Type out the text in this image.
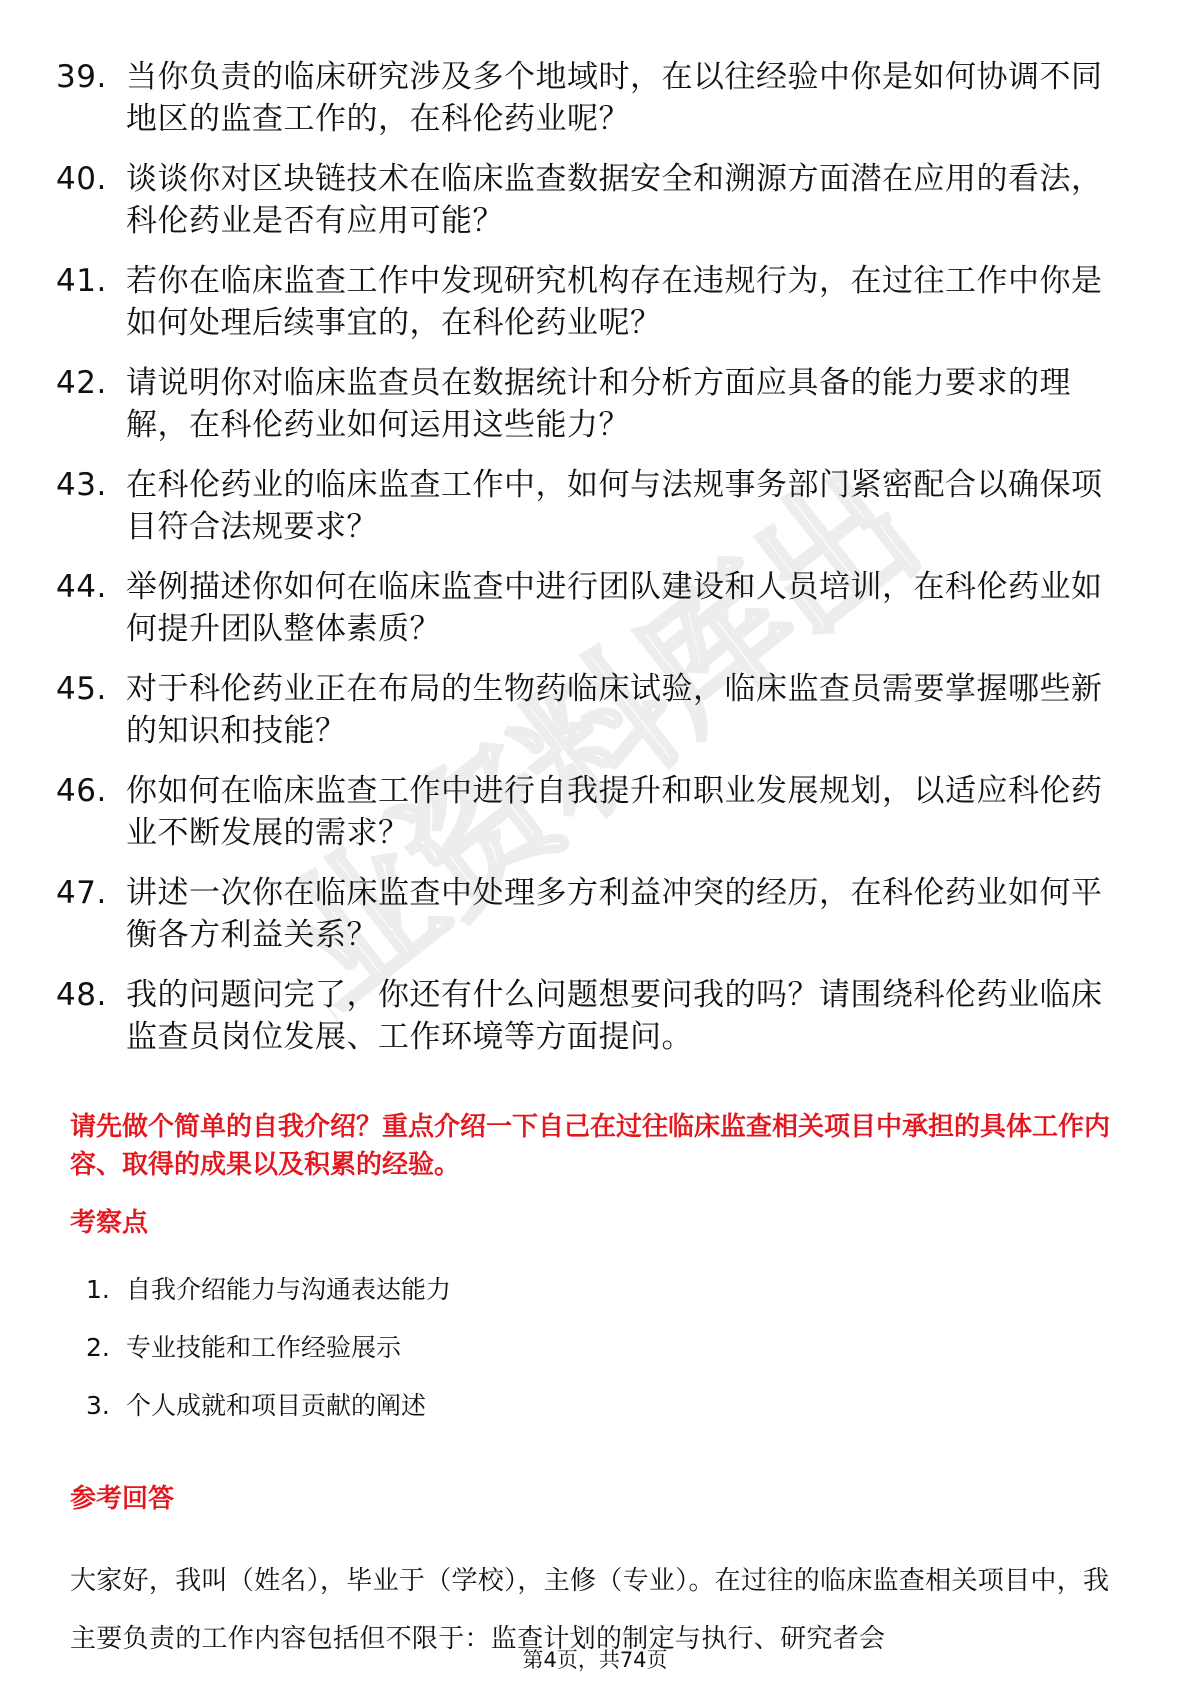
职业资料库出品
39. 当你负责的临床研究涉及多个地域时，在以往经验中你是如何协调不同地区的监查工作的，在科伦药业呢？
40. 谈谈你对区块链技术在临床监查数据安全和溯源方面潜在应用的看法，科伦药业是否有应用可能？
41. 若你在临床监查工作中发现研究机构存在违规行为，在过往工作中你是如何处理后续事宜的，在科伦药业呢？
42. 请说明你对临床监查员在数据统计和分析方面应具备的能力要求的理解，在科伦药业如何运用这些能力？
43. 在科伦药业的临床监查工作中，如何与法规事务部门紧密配合以确保项目符合法规要求？
44. 举例描述你如何在临床监查中进行团队建设和人员培训，在科伦药业如何提升团队整体素质？
45. 对于科伦药业正在布局的生物药临床试验，临床监查员需要掌握哪些新的知识和技能？
46. 你如何在临床监查工作中进行自我提升和职业发展规划，以适应科伦药业不断发展的需求？
47. 讲述一次你在临床监查中处理多方利益冲突的经历，在科伦药业如何平衡各方利益关系？
48. 我的问题问完了，你还有什么问题想要问我的吗？请围绕科伦药业临床监查员岗位发展、工作环境等方面提问。
请先做个简单的自我介绍？重点介绍一下自己在过往临床监查相关项目中承担的具体工作内容、取得的成果以及积累的经验。
考察点
1. 自我介绍能力与沟通表达能力
2. 专业技能和工作经验展示
3. 个人成就和项目贡献的阐述
参考回答
大家好，我叫（姓名），毕业于（学校），主修（专业）。在过往的临床监查相关项目中，我主要负责的工作内容包括但不限于：监查计划的制定与执行、研究者会
第4页，共74页
